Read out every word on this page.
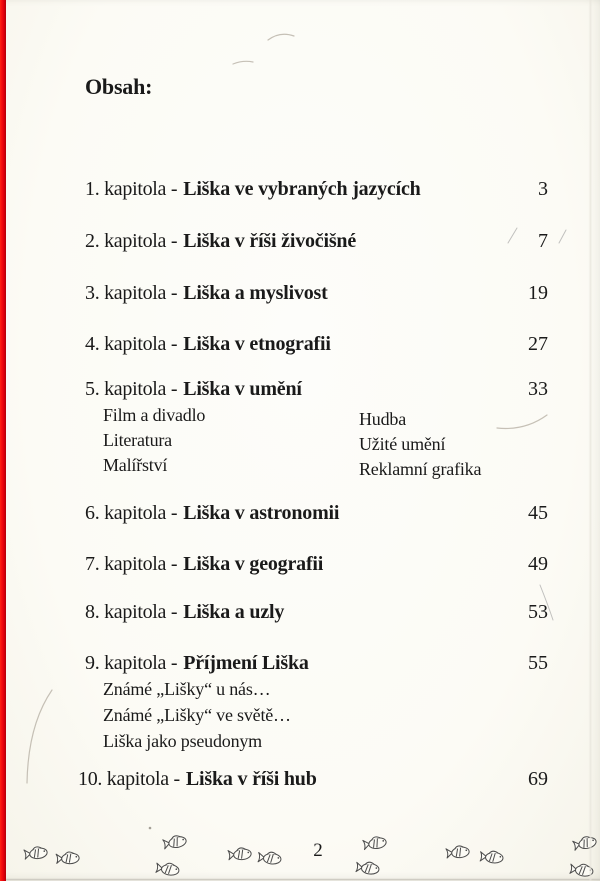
Obsah:
1. kapitola - Liška ve vybraných jazycích	3
2. kapitola - Liška v říši živočišné	7
3. kapitola - Liška a myslivost	19
4. kapitola - Liška v etnografii	27
5. kapitola - Liška v umění	33
Film a divadlo
Literatura
Malířství
Hudba
Užité umění
Reklamní grafika
6. kapitola - Liška v astronomii	45
7. kapitola - Liška v geografii	49
8. kapitola - Liška a uzly	53
9. kapitola - Příjmení Liška	55
Známé „Lišky“ u nás…
Známé „Lišky“ ve světě…
Liška jako pseudonym
10. kapitola - Liška v říši hub	69
2
